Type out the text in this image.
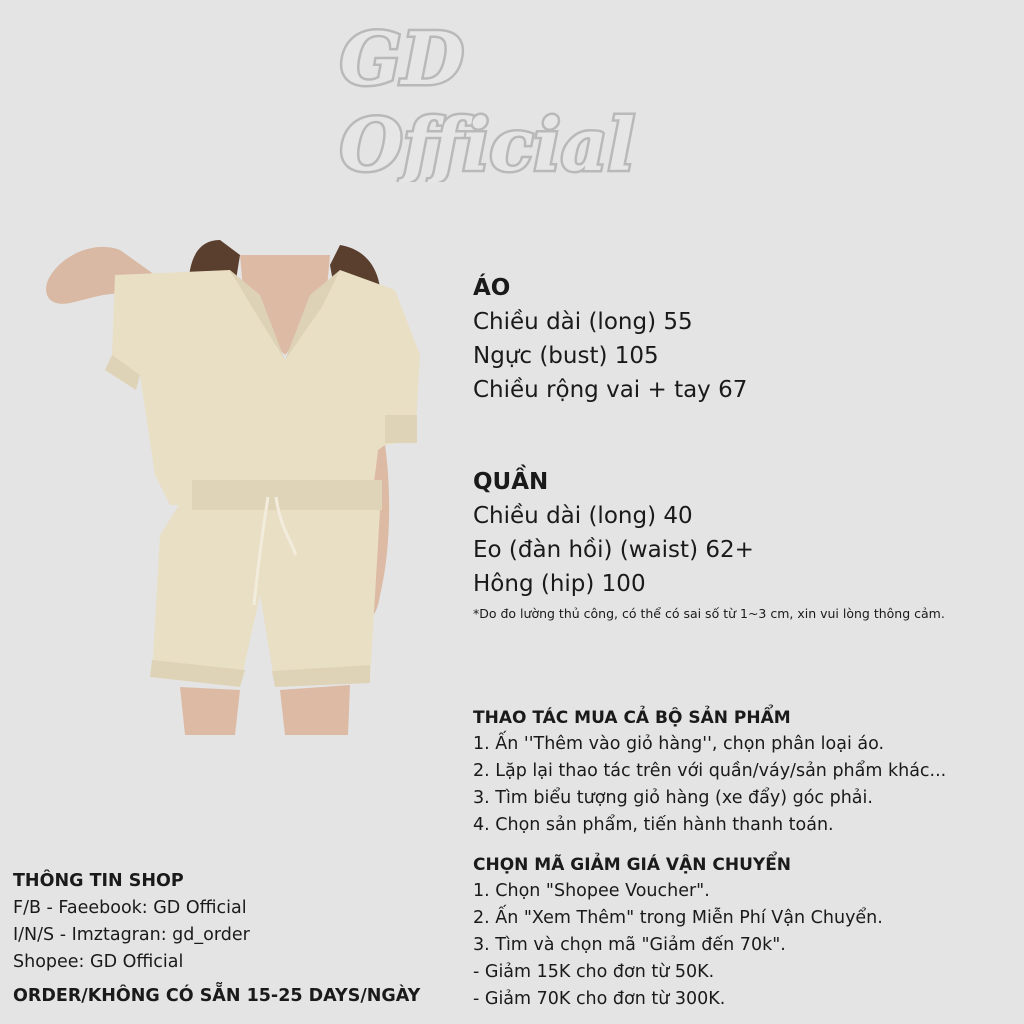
GD
Official
ÁO
Chiều dài (long) 55
Ngực (bust) 105
Chiều rộng vai + tay 67
QUẦN
Chiều dài (long) 40
Eo (đàn hồi) (waist) 62+
Hông (hip) 100
*Do đo lường thủ công, có thể có sai số từ 1~3 cm, xin vui lòng thông cảm.
THAO TÁC MUA CẢ BỘ SẢN PHẨM
1. Ấn ''Thêm vào giỏ hàng'', chọn phân loại áo.
2. Lặp lại thao tác trên với quần/váy/sản phẩm khác...
3. Tìm biểu tượng giỏ hàng (xe đẩy) góc phải.
4. Chọn sản phẩm, tiến hành thanh toán.
CHỌN MÃ GIẢM GIÁ VẬN CHUYỂN
1. Chọn "Shopee Voucher".
2. Ấn "Xem Thêm" trong Miễn Phí Vận Chuyển.
3. Tìm và chọn mã "Giảm đến 70k".
- Giảm 15K cho đơn từ 50K.
- Giảm 70K cho đơn từ 300K.
THÔNG TIN SHOP
F/B - Faeebook: GD Official
I/N/S - Imztagran: gd_order
Shopee: GD Official
ORDER/KHÔNG CÓ SẴN 15-25 DAYS/NGÀY
